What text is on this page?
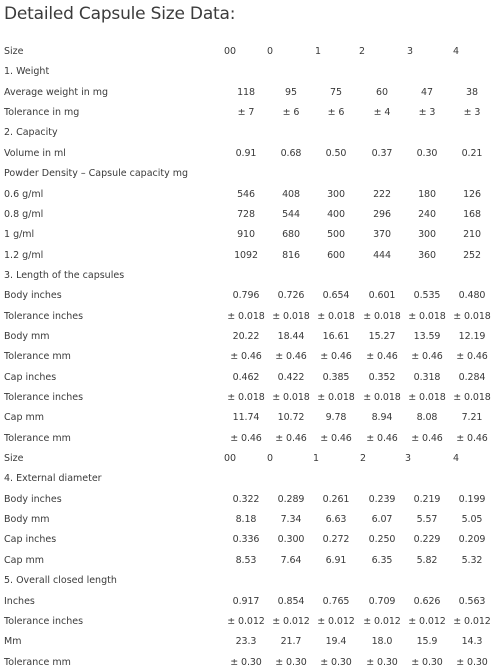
Detailed Capsule Size Data:
Size	00	0	1	2	3	4
1. Weight
Average weight in mg	118	95	75	60	47	38
Tolerance in mg	± 7	± 6	± 6	± 4	± 3	± 3
2. Capacity
Volume in ml	0.91	0.68	0.50	0.37	0.30	0.21
Powder Density – Capsule capacity mg
0.6 g/ml	546	408	300	222	180	126
0.8 g/ml	728	544	400	296	240	168
1 g/ml	910	680	500	370	300	210
1.2 g/ml	1092	816	600	444	360	252
3. Length of the capsules
Body inches	0.796	0.726	0.654	0.601	0.535	0.480
Tolerance inches	± 0.018 ± 0.018 ± 0.018 ± 0.018 ± 0.018 ± 0.018
Body mm	20.22	18.44	16.61	15.27	13.59	12.19
Tolerance mm	± 0.46	± 0.46	± 0.46	± 0.46	± 0.46	± 0.46
Cap inches	0.462	0.422	0.385	0.352	0.318	0.284
Tolerance inches	± 0.018 ± 0.018 ± 0.018 ± 0.018 ± 0.018 ± 0.018
Cap mm	11.74	10.72	9.78	8.94	8.08	7.21
Tolerance mm	± 0.46	± 0.46	± 0.46	± 0.46	± 0.46	± 0.46
Size	00	0	1	2	3	4
4. External diameter
Body inches	0.322	0.289	0.261	0.239	0.219	0.199
Body mm	8.18	7.34	6.63	6.07	5.57	5.05
Cap inches	0.336	0.300	0.272	0.250	0.229	0.209
Cap mm	8.53	7.64	6.91	6.35	5.82	5.32
5. Overall closed length
Inches	0.917	0.854	0.765	0.709	0.626	0.563
Tolerance inches	± 0.012 ± 0.012 ± 0.012 ± 0.012 ± 0.012 ± 0.012
Mm	23.3	21.7	19.4	18.0	15.9	14.3
Tolerance mm	± 0.30	± 0.30	± 0.30	± 0.30	± 0.30	± 0.30
